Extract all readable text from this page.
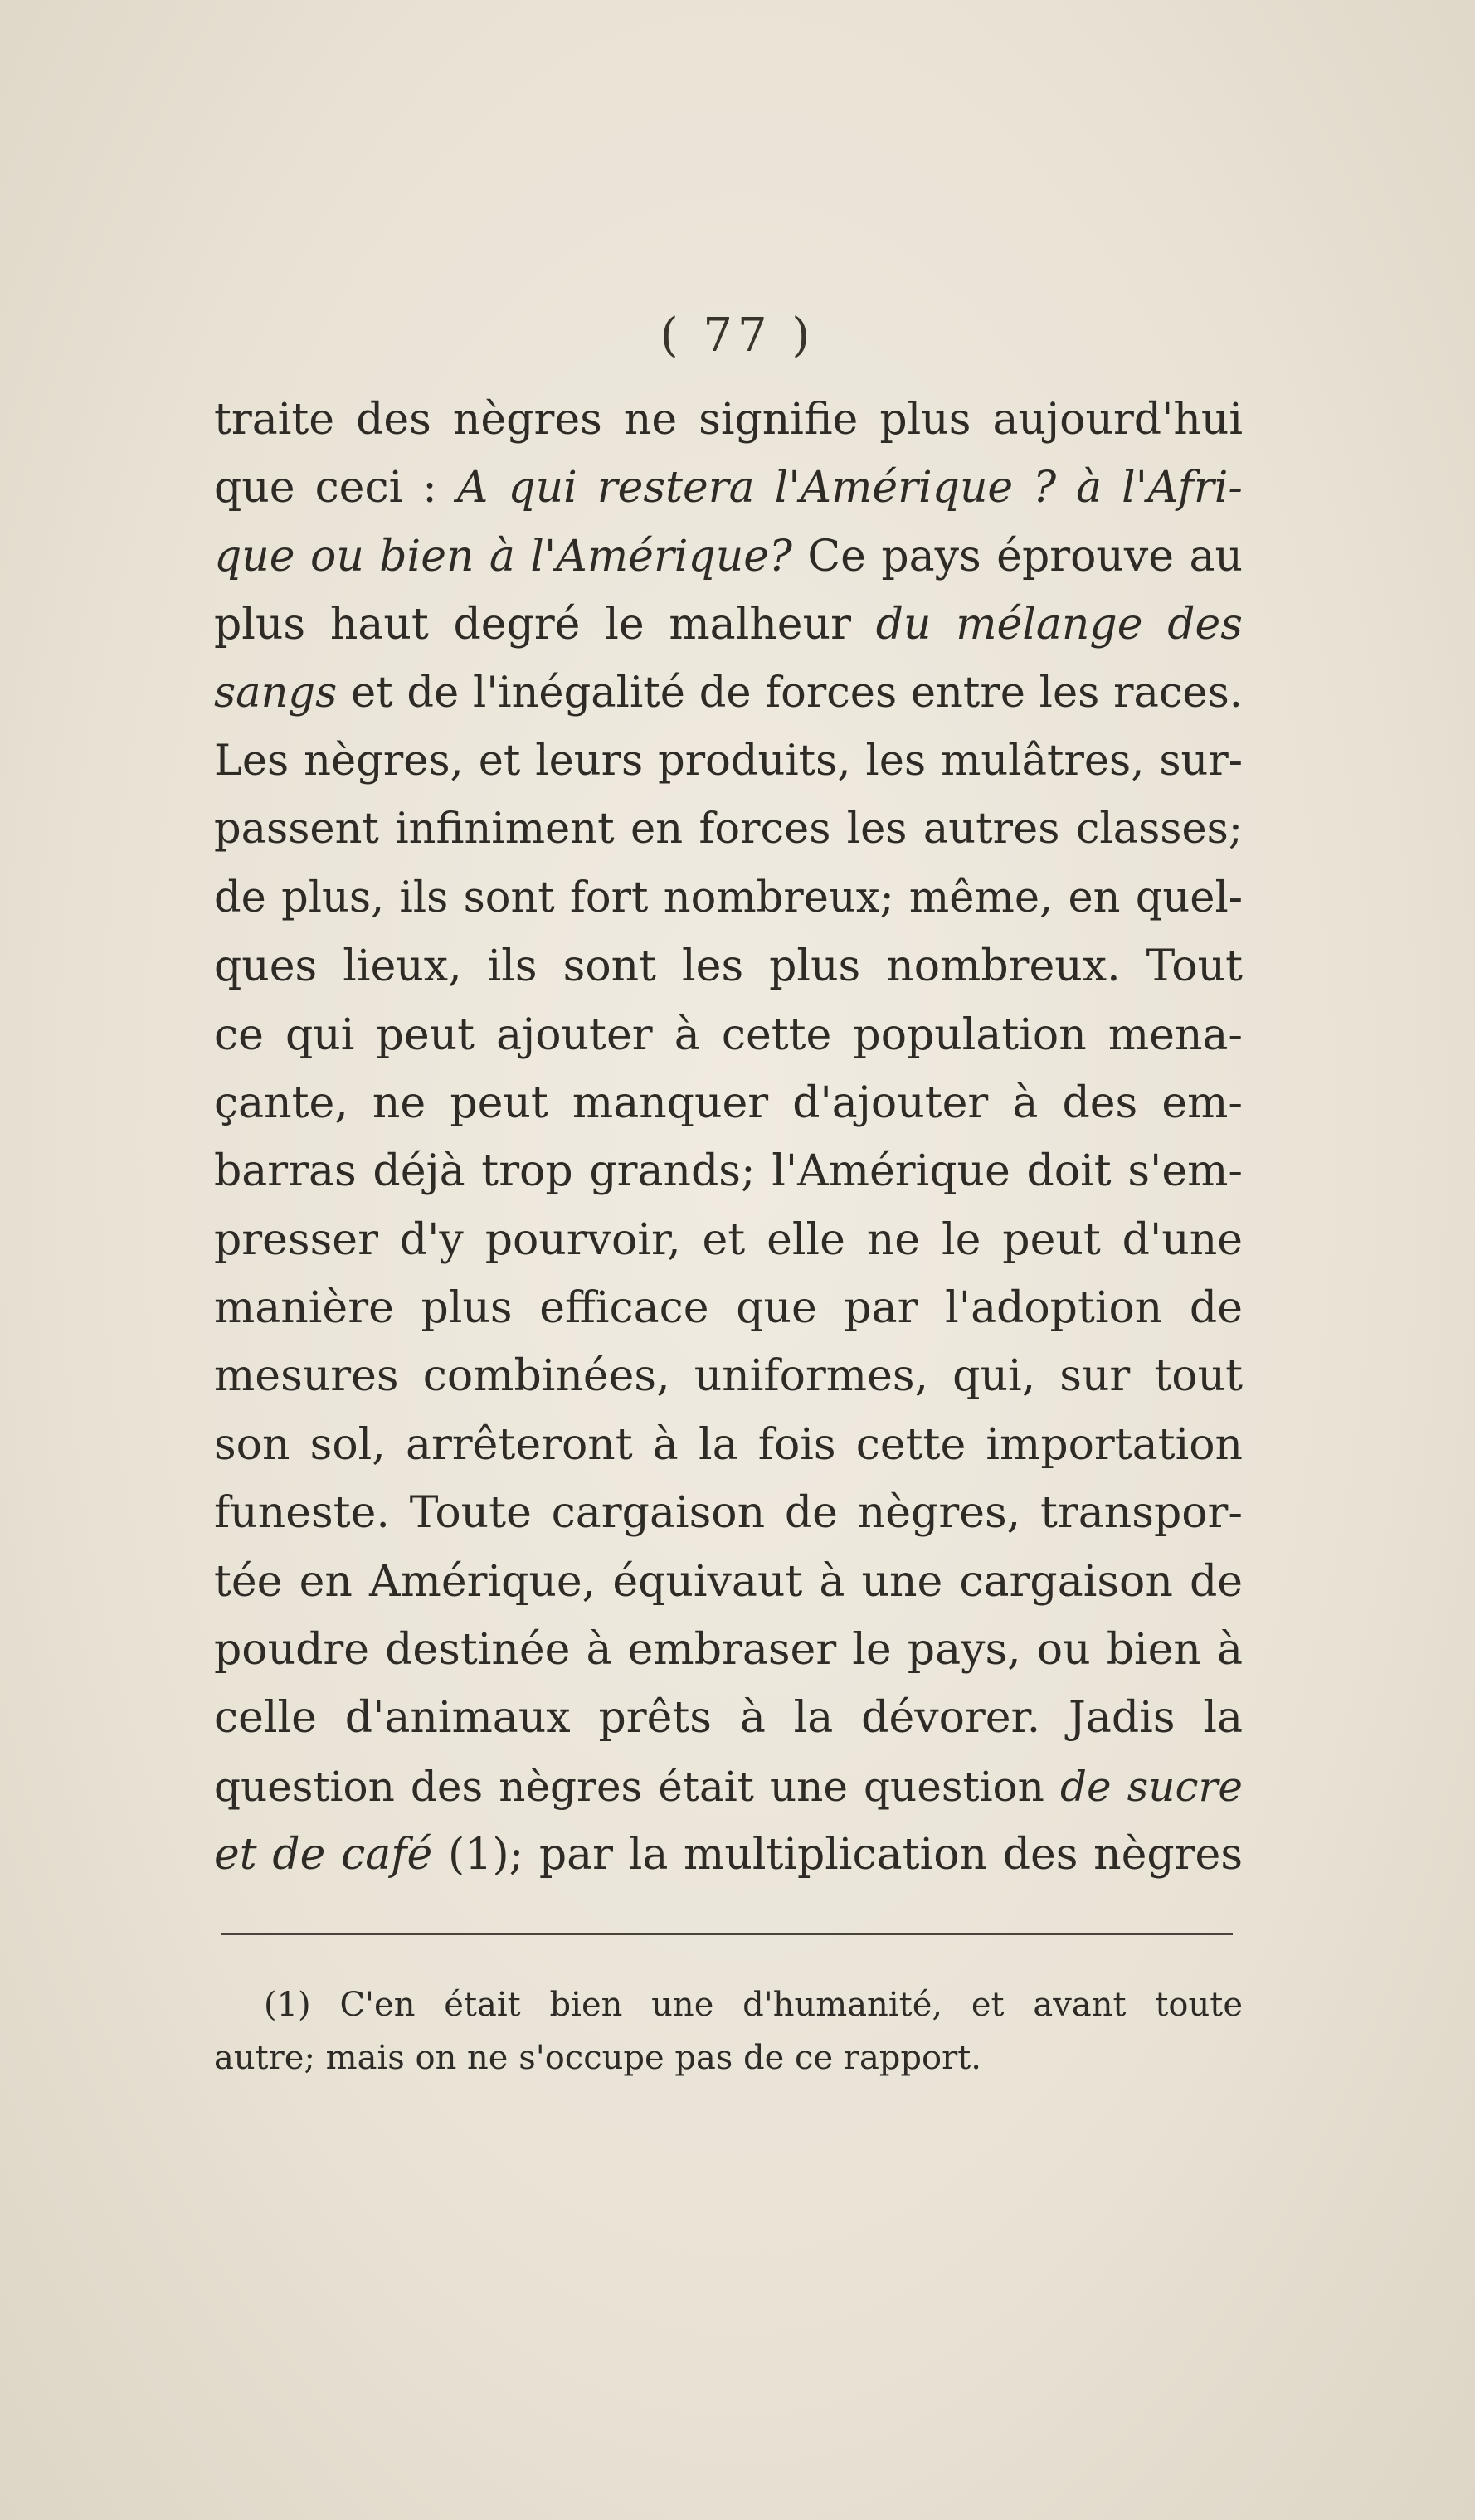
( 77 )
traite des nègres ne signifie plus aujourd'hui
que ceci : A qui restera l'Amérique ? à l'Afri-
que ou bien à l'Amérique? Ce pays éprouve au
plus haut degré le malheur du mélange des
sangs et de l'inégalité de forces entre les races.
Les nègres, et leurs produits, les mulâtres, sur-
passent infiniment en forces les autres classes;
de plus, ils sont fort nombreux; même, en quel-
ques lieux, ils sont les plus nombreux. Tout
ce qui peut ajouter à cette population mena-
çante, ne peut manquer d'ajouter à des em-
barras déjà trop grands; l'Amérique doit s'em-
presser d'y pourvoir, et elle ne le peut d'une
manière plus efficace que par l'adoption de
mesures combinées, uniformes, qui, sur tout
son sol, arrêteront à la fois cette importation
funeste. Toute cargaison de nègres, transpor-
tée en Amérique, équivaut à une cargaison de
poudre destinée à embraser le pays, ou bien à
celle d'animaux prêts à la dévorer. Jadis la
question des nègres était une question de sucre
et de café (1); par la multiplication des nègres
(1) C'en était bien une d'humanité, et avant toute
autre; mais on ne s'occupe pas de ce rapport.
